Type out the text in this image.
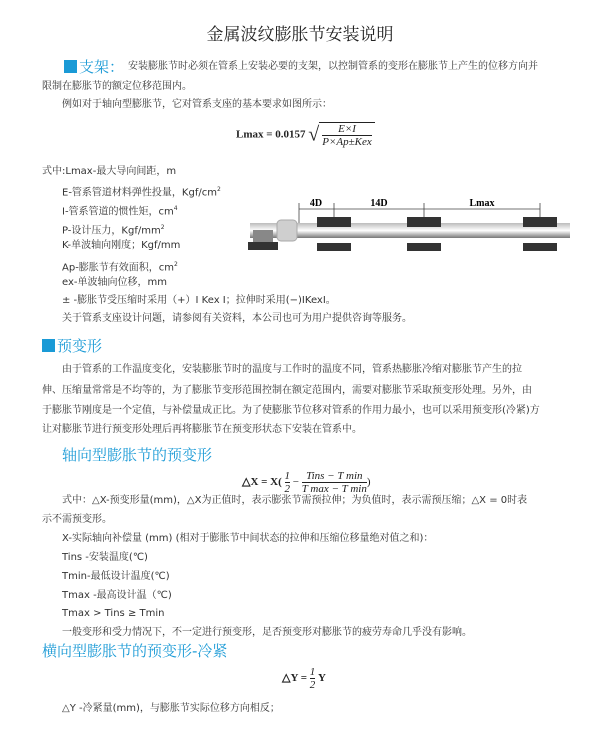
金属波纹膨胀节安装说明
支架： 安装膨胀节时必须在管系上安装必要的支架，以控制管系的变形在膨胀节上产生的位移方向并
限制在膨胀节的额定位移范围内。
例如对于轴向型膨胀节，它对管系支座的基本要求如图所示：
Lmax = 0.0157 √ $\frac{E\times I}{\text{P×Ap±Kex}}$
式中:Lmax-最大导向间距，m
E-管系管道材料弹性投量，Kgf/$cm^2$
I-管系管道的惯性矩，$cm^4$
P-设计压力，Kgf/$mm^2$
K-单波轴向刚度；Kgf/mm
Ap-膨胀节有效面积，$cm^2$
ex-单波轴向位移，mm
± -膨胀节受压缩时采用（+）I Kex I；拉伸时采用(−)IKexI。
关于管系支座设计问题，请参阅有关资料，本公司也可为用户提供咨询等服务。
4D	14D	Lmax
预变形
由于管系的工作温度变化，安装膨胀节时的温度与工作时的温度不同，管系热膨胀冷缩对膨胀节产生的拉
伸、压缩量常常是不均等的，为了膨胀节变形范围控制在额定范围内，需要对膨胀节采取预变形处理。另外，由
于膨胀节刚度是一个定值，与补偿量成正比。为了使膨胀节位移对管系的作用力最小，也可以采用预变形(冷紧)方
让对膨胀节进行预变形处理后再将膨胀节在预变形状态下安装在管系中。
轴向型膨胀节的预变形
△X = $X( \frac{1}{2} - \frac{\text{Tins − T min}}{\text{T max − T min}}$ )
式中：△X-预变形量(mm)，△X为正值时，表示膨张节需预拉伸；为负值时，表示需预压缩；△X = 0时表
示不需预变形。
X-实际轴向补偿量 (mm) (相对于膨胀节中间状态的拉伸和压缩位移量绝对值之和)：
Tins -安装温度(℃)
Tmin-最低设计温度(℃)
Tmax -最高设计温（℃)
Tmax > Tins ≥ Tmin
一般变形和受力情况下，不一定进行预变形，足否预变形对膨胀节的疲劳寿命几乎没有影响。
横向型膨胀节的预变形-冷紧
△Y = $\frac{1}{2}$ Y
△Y -冷紧量(mm)，与膨胀节实际位移方向相反；
